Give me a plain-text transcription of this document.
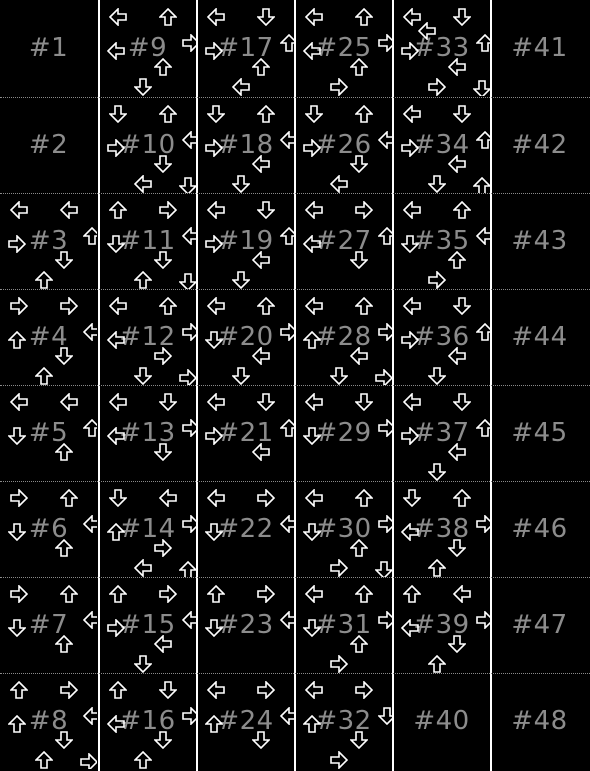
#1
#2
#3
#4
#5
#6
#7
#8
#9
#10
#11
#12
#13
#14
#15
#16
#17
#18
#19
#20
#21
#22
#23
#24
#25
#26
#27
#28
#29
#30
#31
#32
#33
#34
#35
#36
#37
#38
#39
#40
#41
#42
#43
#44
#45
#46
#47
#48
